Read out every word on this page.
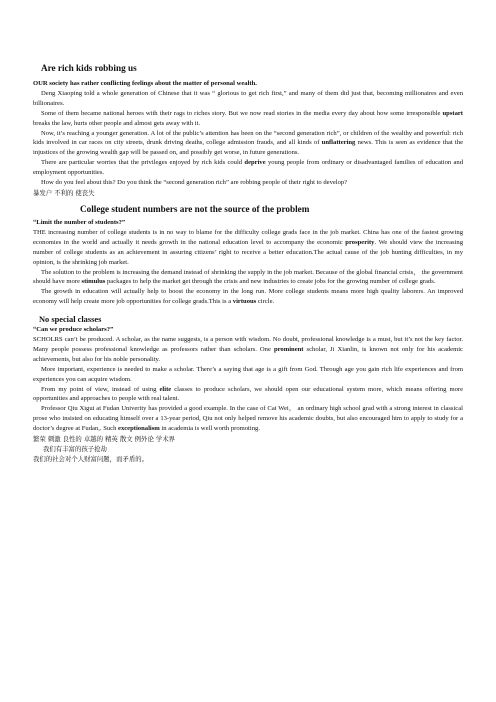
Are rich kids robbing us

OUR society has rather conflicting feelings about the matter of personal wealth.

Deng Xiaoping told a whole generation of Chinese that it was “ glorious to get rich first,” and many of them did just that, becoming millionaires and even billionaires.

Some of them became national heroes with their rags to riches story. But we now read stories in the media every day about how some irresponsible upstart breaks the law, hurts other people and almost gets away with it.

Now, it’s reaching a younger generation. A lot of the public’s attention has been on the “second generation rich”, or children of the wealthy and powerful: rich kids involved in car races on city streets, drunk driving deaths, college admission frauds, and all kinds of unflattering news. This is seen as evidence that the injustices of the growing wealth gap will be passed on, and possibly get worse, in future generations.

There are particular worries that the privileges enjoyed by rich kids could deprive young people from ordinary or disadvantaged families of education and employment opportunities.

How do you feel about this? Do you think the “second generation rich” are robbing people of their right to develop?

暴发户 不利的 使丧失
College student numbers are not the source of the problem

“Limit the number of students?”

THE increasing number of college students is in no way to blame for the difficulty college grads face in the job market. China has one of the fastest growing economies in the world and actually it needs growth in the national education level to accompany the economic prosperity. We should view the increasing number of college students as an achievement in assuring citizens’ right to receive a better education.The actual cause of the job hunting difficulties, in my opinion, is the shrinking job market.

The solution to the problem is increasing the demand instead of shrinking the supply in the job market. Because of the global financial crisis， the government should have more stimulus packages to help the market get through the crisis and new industries to create jobs for the growing number of college grads.

The growth in education will actually help to boost the economy in the long run. More college students means more high quality laborers. An improved economy will help create more job opportunities for college grads.This is a virtuous circle.

No special classes

“Can we produce scholars?”

SCHOLRS can’t be produced. A scholar, as the name suggests, is a person with wisdom. No doubt, professional knowledge is a must, but it’s not the key factor. Many people possess professional knowledge as professors rather than scholars. One prominent scholar, Ji Xianlin, is known not only for his academic achievements, but also for his noble personality.

More important, experience is needed to make a scholar. There’s a saying that age is a gift from God. Through age you gain rich life experiences and from experiences you can acquire wisdom.

From my point of view, instead of using elite classes to produce scholars, we should open our educational system more, which means offering more opportunities and approaches to people with real talent.

Professor Qiu Xigui at Fudan Univerity has provided a good example. In the case of Cai Wei， an ordinary high school grad with a strong interest in classical prose who insisted on educating himself over a 13-year period, Qiu not only helped remove his academic doubts, but also encouraged him to apply to study for a doctor’s degree at Fudan,. Such exceptionalism in academia is well worth promoting.

繁荣 刺激 良性的 卓越的 精英 散文 例外论 学术界
我们有丰富的孩子抢劫
我们的社会对个人财富问题，而矛盾的。
